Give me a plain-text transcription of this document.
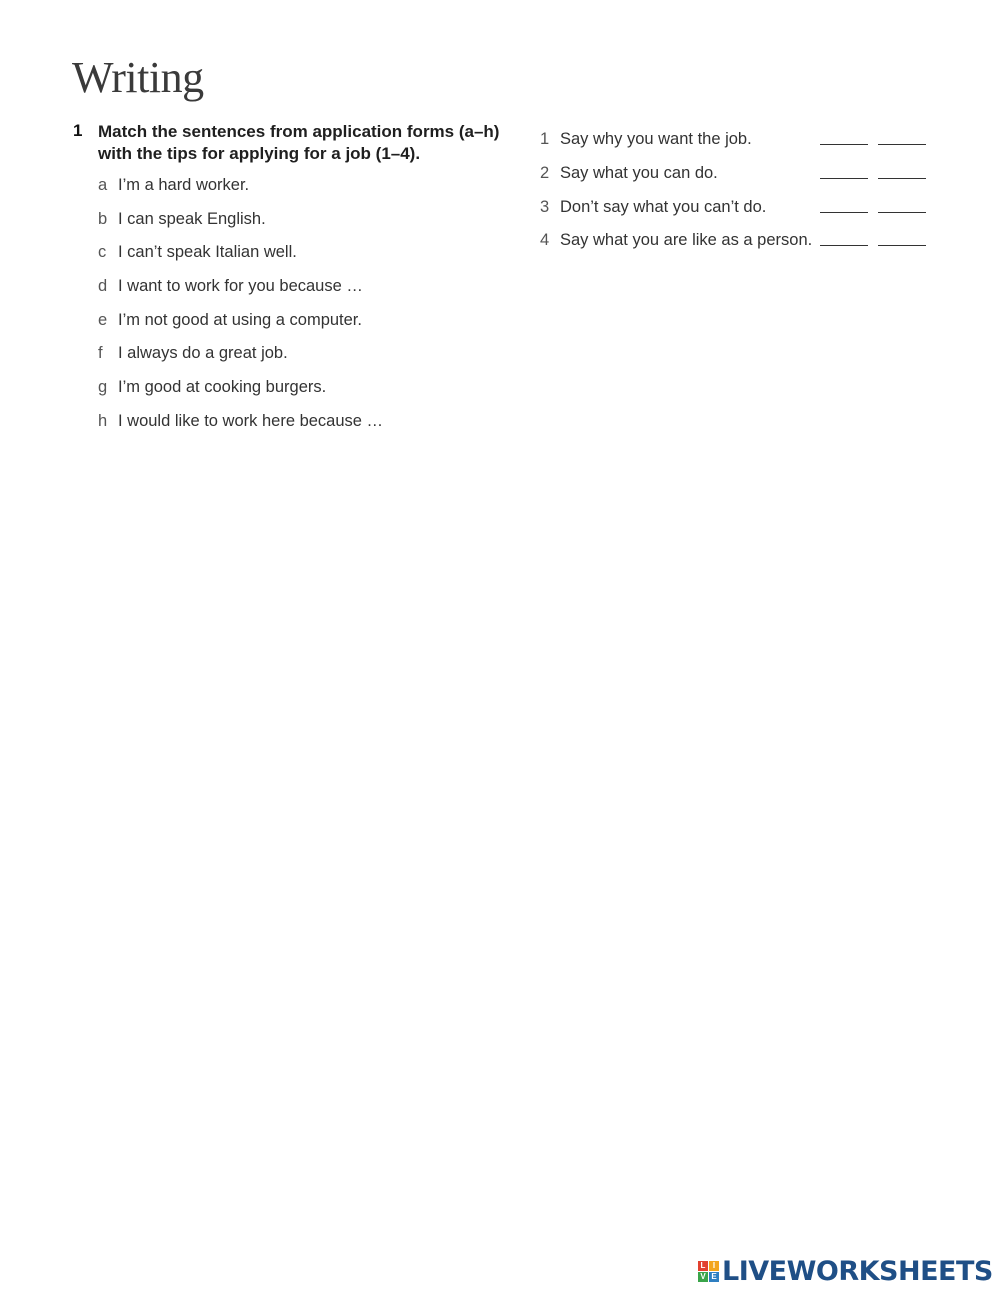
Writing
1 Match the sentences from application forms (a–h) with the tips for applying for a job (1–4).
a I’m a hard worker.
b I can speak English.
c I can’t speak Italian well.
d I want to work for you because …
e I’m not good at using a computer.
f I always do a great job.
g I’m good at cooking burgers.
h I would like to work here because …
1 Say why you want the job.
2 Say what you can do.
3 Don’t say what you can’t do.
4 Say what you are like as a person.
L I
V E LIVEWORKSHEETS
